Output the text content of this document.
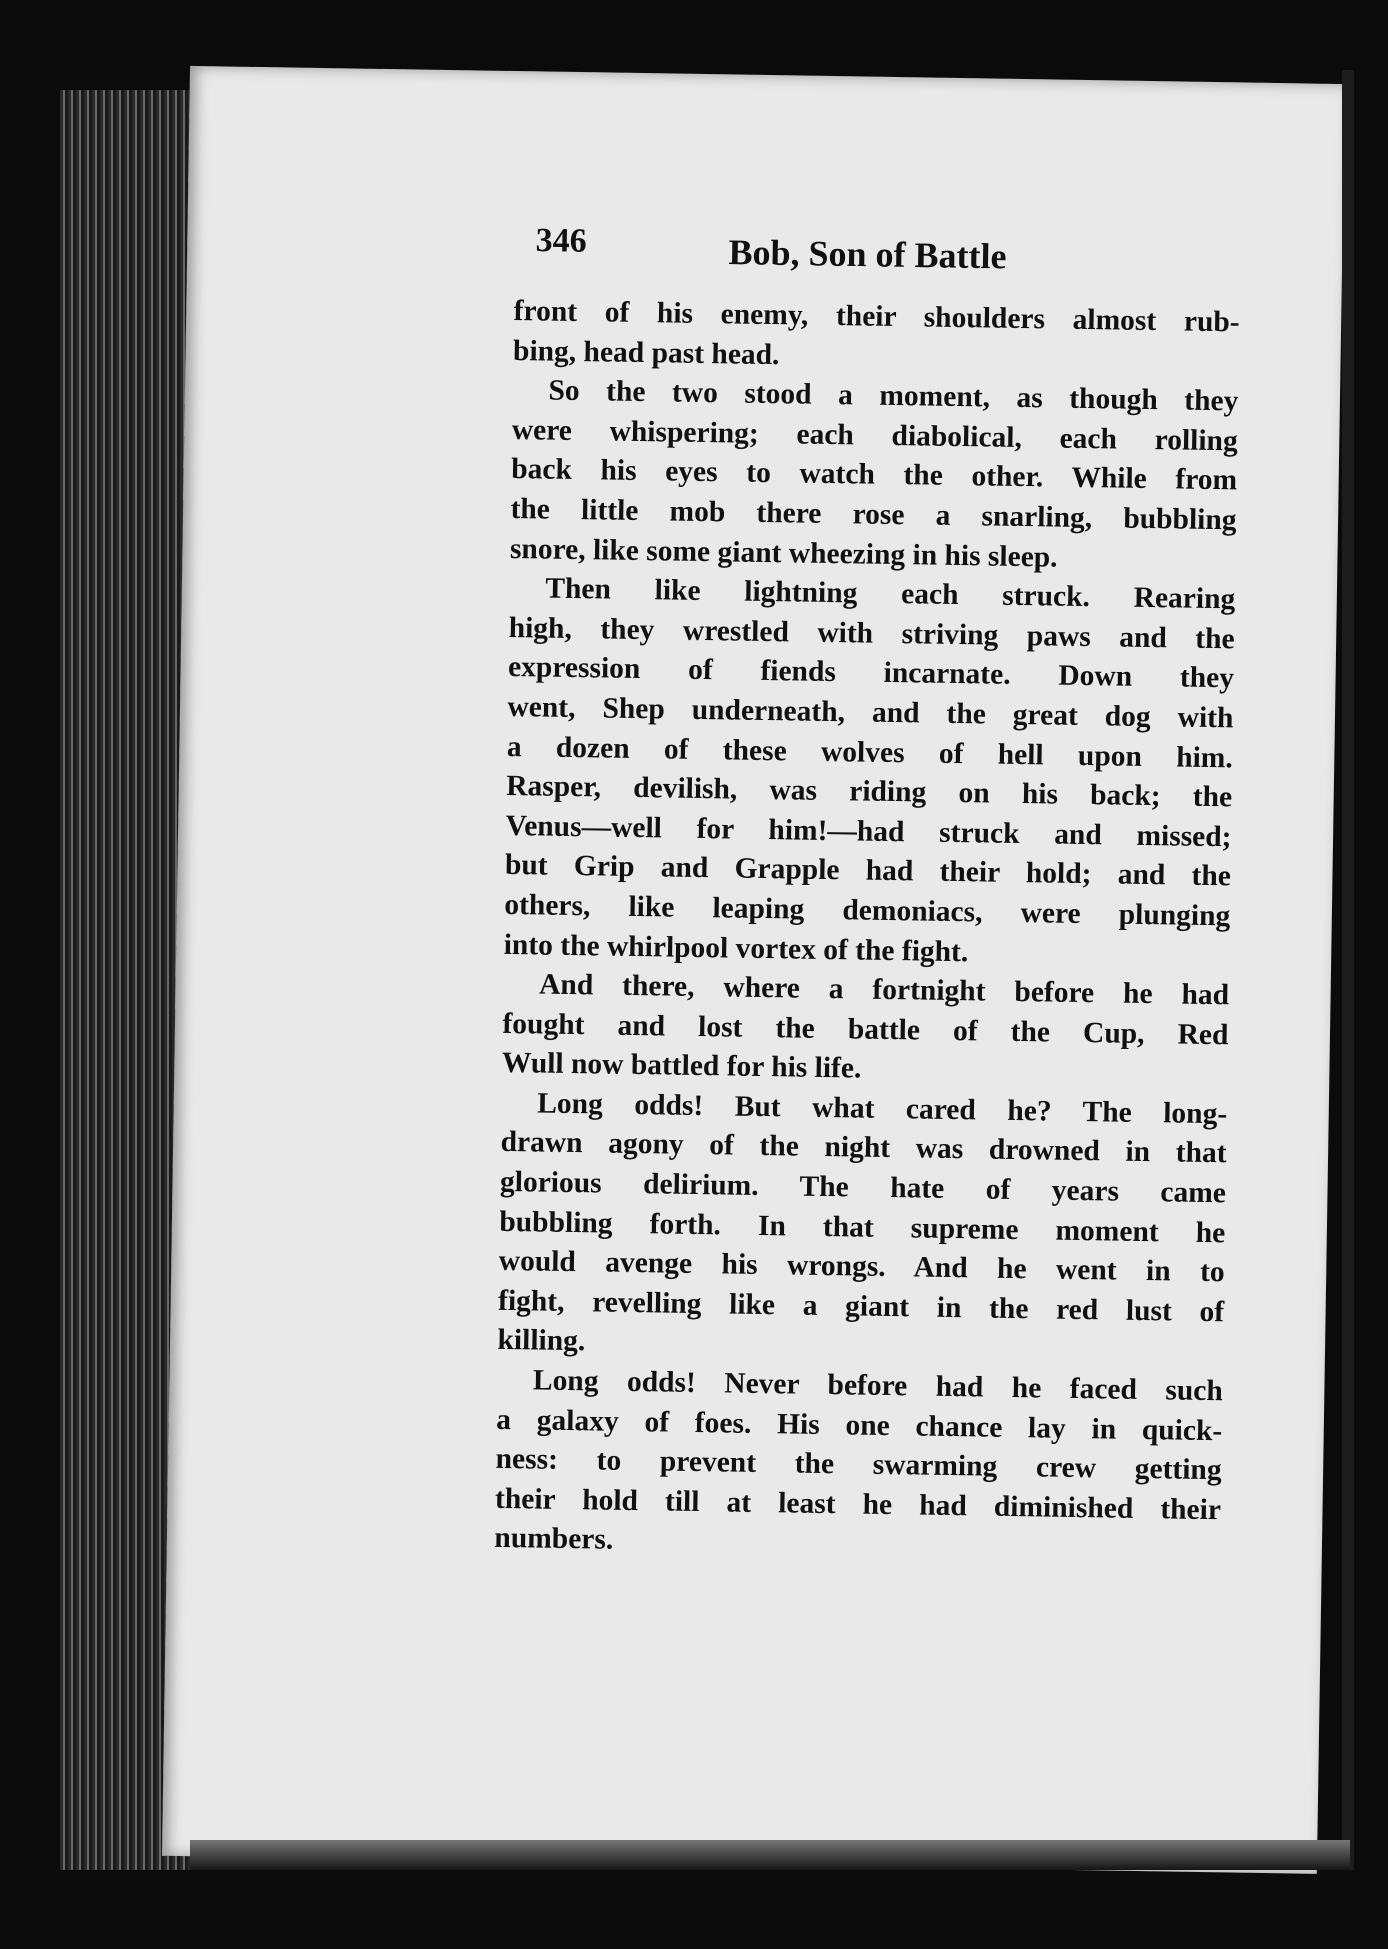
346	Bob, Son of Battle
front of his enemy, their shoulders almost rub-
bing, head past head.
So the two stood a moment, as though they
were whispering; each diabolical, each rolling
back his eyes to watch the other. While from
the little mob there rose a snarling, bubbling
snore, like some giant wheezing in his sleep.
Then like lightning each struck. Rearing
high, they wrestled with striving paws and the
expression of fiends incarnate. Down they
went, Shep underneath, and the great dog with
a dozen of these wolves of hell upon him.
Rasper, devilish, was riding on his back; the
Venus—well for him!—had struck and missed;
but Grip and Grapple had their hold; and the
others, like leaping demoniacs, were plunging
into the whirlpool vortex of the fight.
And there, where a fortnight before he had
fought and lost the battle of the Cup, Red
Wull now battled for his life.
Long odds! But what cared he? The long-
drawn agony of the night was drowned in that
glorious delirium. The hate of years came
bubbling forth. In that supreme moment he
would avenge his wrongs. And he went in to
fight, revelling like a giant in the red lust of
killing.
Long odds! Never before had he faced such
a galaxy of foes. His one chance lay in quick-
ness: to prevent the swarming crew getting
their hold till at least he had diminished their
numbers.
